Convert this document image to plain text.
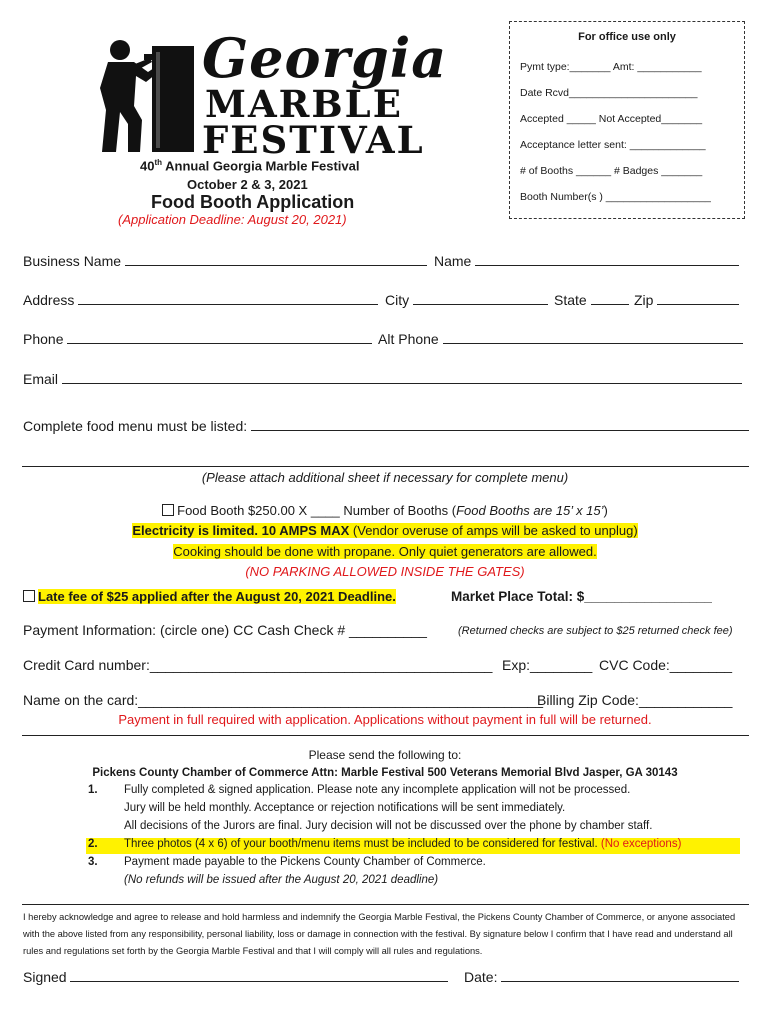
Georgia
MARBLE
FESTIVAL
For office use only
Pymt type:_______ Amt: ___________
Date Rcvd______________________
Accepted _____ Not Accepted_______
Acceptance letter sent: _____________
# of Booths ______ # Badges _______
Booth Number(s ) __________________
40th Annual Georgia Marble Festival
October 2 & 3, 2021
Food Booth Application
(Application Deadline: August 20, 2021)
Business Name	Name
Address	City	State	Zip
Phone	Alt Phone
Email
Complete food menu must be listed:
(Please attach additional sheet if necessary for complete menu)
Food Booth $250.00 X ____ Number of Booths (Food Booths are 15’ x 15’)
Electricity is limited. 10 AMPS MAX (Vendor overuse of amps will be asked to unplug)
Cooking should be done with propane. Only quiet generators are allowed.
(NO PARKING ALLOWED INSIDE THE GATES)
Late fee of $25 applied after the August 20, 2021 Deadline.	Market Place Total: $_________________
Payment Information: (circle one) CC Cash Check # __________	(Returned checks are subject to $25 returned check fee)
Credit Card number:____________________________________________ Exp:________ CVC Code:________
Name on the card:____________________________________________________
Billing Zip Code:____________
Payment in full required with application. Applications without payment in full will be returned.
Please send the following to:
Pickens County Chamber of Commerce Attn: Marble Festival 500 Veterans Memorial Blvd Jasper, GA 30143
1. Fully completed & signed application. Please note any incomplete application will not be processed.
Jury will be held monthly. Acceptance or rejection notifications will be sent immediately.
All decisions of the Jurors are final. Jury decision will not be discussed over the phone by chamber staff.
2. Three photos (4 x 6) of your booth/menu items must be included to be considered for festival. (No exceptions)
3. Payment made payable to the Pickens County Chamber of Commerce.
(No refunds will be issued after the August 20, 2021 deadline)
I hereby acknowledge and agree to release and hold harmless and indemnify the Georgia Marble Festival, the Pickens County Chamber of Commerce, or anyone associated with the above listed from any responsibility, personal liability, loss or damage in connection with the festival. By signature below I confirm that I have read and understand all rules and regulations set forth by the Georgia Marble Festival and that I will comply will all rules and regulations.
Signed	Date:
